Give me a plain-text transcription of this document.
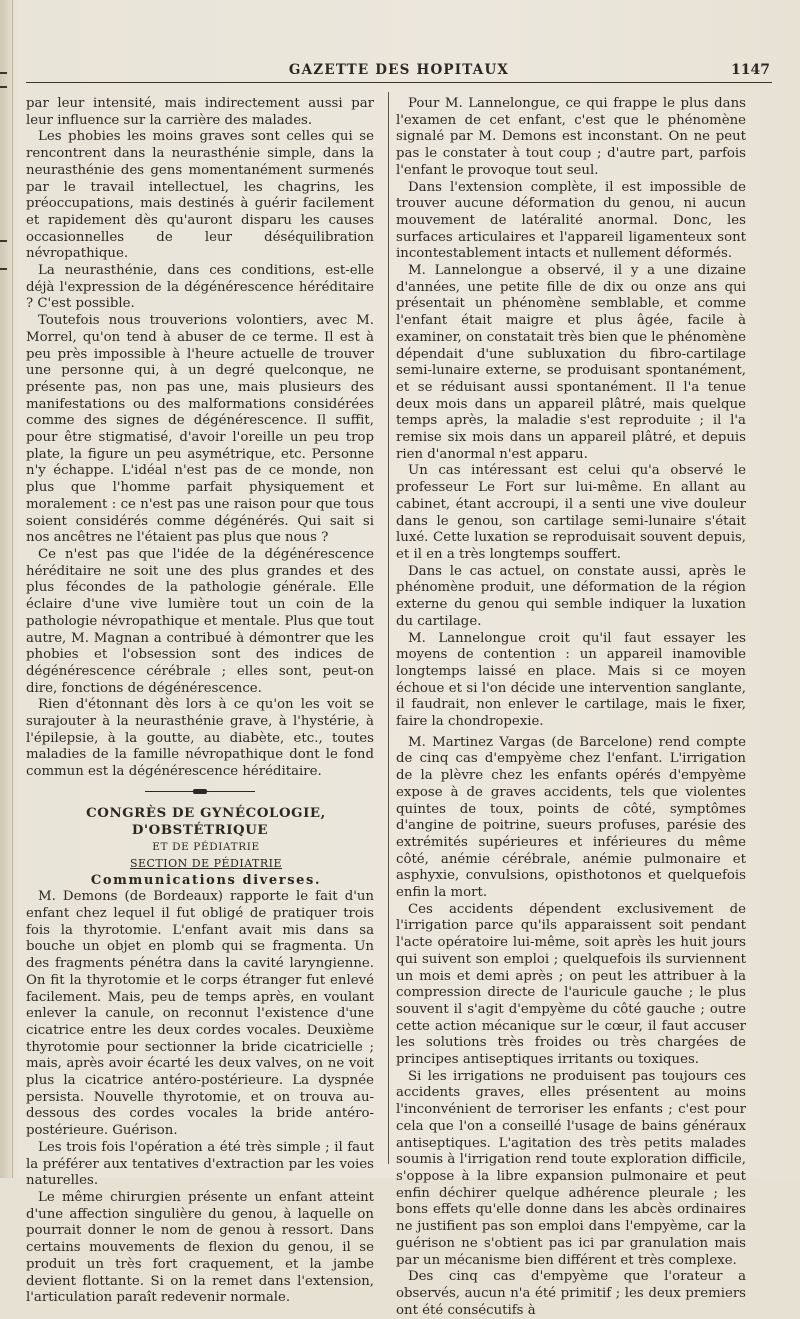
GAZETTE DES HOPITAUX	1147

par leur intensité, mais indirectement aussi par leur influence sur la carrière des malades.

Les phobies les moins graves sont celles qui se rencontrent dans la neurasthénie simple, dans la neurasthénie des gens momentanément surmenés par le travail intellectuel, les chagrins, les préoccupations, mais destinés à guérir facilement et rapidement dès qu'auront disparu les causes occasionnelles de leur déséquilibration névropathique.

La neurasthénie, dans ces conditions, est-elle déjà l'expression de la dégénérescence héréditaire ? C'est possible.

Toutefois nous trouverions volontiers, avec M. Morrel, qu'on tend à abuser de ce terme. Il est à peu près impossible à l'heure actuelle de trouver une personne qui, à un degré quelconque, ne présente pas, non pas une, mais plusieurs des manifestations ou des malformations considérées comme des signes de dégénérescence. Il suffit, pour être stigmatisé, d'avoir l'oreille un peu trop plate, la figure un peu asymétrique, etc. Personne n'y échappe. L'idéal n'est pas de ce monde, non plus que l'homme parfait physiquement et moralement : ce n'est pas une raison pour que tous soient considérés comme dégénérés. Qui sait si nos ancêtres ne l'étaient pas plus que nous ?

Ce n'est pas que l'idée de la dégénérescence héréditaire ne soit une des plus grandes et des plus fécondes de la pathologie générale. Elle éclaire d'une vive lumière tout un coin de la pathologie névropathique et mentale. Plus que tout autre, M. Magnan a contribué à démontrer que les phobies et l'obsession sont des indices de dégénérescence cérébrale ; elles sont, peut-on dire, fonctions de dégénérescence.

Rien d'étonnant dès lors à ce qu'on les voit se surajouter à la neurasthénie grave, à l'hystérie, à l'épilepsie, à la goutte, au diabète, etc., toutes maladies de la famille névropathique dont le fond commun est la dégénérescence héréditaire.

CONGRÈS DE GYNÉCOLOGIE, D'OBSTÉTRIQUE

ET DE PÉDIATRIE

SECTION DE PÉDIATRIE

Communications diverses.

M. Demons (de Bordeaux) rapporte le fait d'un enfant chez lequel il fut obligé de pratiquer trois fois la thyrotomie. L'enfant avait mis dans sa bouche un objet en plomb qui se fragmenta. Un des fragments pénétra dans la cavité laryngienne. On fit la thyrotomie et le corps étranger fut enlevé facilement. Mais, peu de temps après, en voulant enlever la canule, on reconnut l'existence d'une cicatrice entre les deux cordes vocales. Deuxième thyrotomie pour sectionner la bride cicatricielle ; mais, après avoir écarté les deux valves, on ne voit plus la cicatrice antéro-postérieure. La dyspnée persista. Nouvelle thyrotomie, et on trouva au-dessous des cordes vocales la bride antéro-postérieure. Guérison.

Les trois fois l'opération a été très simple ; il faut la préférer aux tentatives d'extraction par les voies naturelles.

Le même chirurgien présente un enfant atteint d'une affection singulière du genou, à laquelle on pourrait donner le nom de genou à ressort. Dans certains mouvements de flexion du genou, il se produit un très fort craquement, et la jambe devient flottante. Si on la remet dans l'extension, l'articulation paraît redevenir normale.

Pour M. Lannelongue, ce qui frappe le plus dans l'examen de cet enfant, c'est que le phénomène signalé par M. Demons est inconstant. On ne peut pas le constater à tout coup ; d'autre part, parfois l'enfant le provoque tout seul.

Dans l'extension complète, il est impossible de trouver aucune déformation du genou, ni aucun mouvement de latéralité anormal. Donc, les surfaces articulaires et l'appareil ligamenteux sont incontestablement intacts et nullement déformés.

M. Lannelongue a observé, il y a une dizaine d'années, une petite fille de dix ou onze ans qui présentait un phénomène semblable, et comme l'enfant était maigre et plus âgée, facile à examiner, on constatait très bien que le phénomène dépendait d'une subluxation du fibro-cartilage semi-lunaire externe, se produisant spontanément, et se réduisant aussi spontanément. Il l'a tenue deux mois dans un appareil plâtré, mais quelque temps après, la maladie s'est reproduite ; il l'a remise six mois dans un appareil plâtré, et depuis rien d'anormal n'est apparu.

Un cas intéressant est celui qu'a observé le professeur Le Fort sur lui-même. En allant au cabinet, étant accroupi, il a senti une vive douleur dans le genou, son cartilage semi-lunaire s'était luxé. Cette luxation se reproduisait souvent depuis, et il en a très longtemps souffert.

Dans le cas actuel, on constate aussi, après le phénomène produit, une déformation de la région externe du genou qui semble indiquer la luxation du cartilage.

M. Lannelongue croit qu'il faut essayer les moyens de contention : un appareil inamovible longtemps laissé en place. Mais si ce moyen échoue et si l'on décide une intervention sanglante, il faudrait, non enlever le cartilage, mais le fixer, faire la chondropexie.

M. Martinez Vargas (de Barcelone) rend compte de cinq cas d'empyème chez l'enfant. L'irrigation de la plèvre chez les enfants opérés d'empyème expose à de graves accidents, tels que violentes quintes de toux, points de côté, symptômes d'angine de poitrine, sueurs profuses, parésie des extrémités supérieures et inférieures du même côté, anémie cérébrale, anémie pulmonaire et asphyxie, convulsions, opisthotonos et quelquefois enfin la mort.

Ces accidents dépendent exclusivement de l'irrigation parce qu'ils apparaissent soit pendant l'acte opératoire lui-même, soit après les huit jours qui suivent son emploi ; quelquefois ils surviennent un mois et demi après ; on peut les attribuer à la compression directe de l'auricule gauche ; le plus souvent il s'agit d'empyème du côté gauche ; outre cette action mécanique sur le cœur, il faut accuser les solutions très froides ou très chargées de principes antiseptiques irritants ou toxiques.

Si les irrigations ne produisent pas toujours ces accidents graves, elles présentent au moins l'inconvénient de terroriser les enfants ; c'est pour cela que l'on a conseillé l'usage de bains généraux antiseptiques. L'agitation des très petits malades soumis à l'irrigation rend toute exploration difficile, s'oppose à la libre expansion pulmonaire et peut enfin déchirer quelque adhérence pleurale ; les bons effets qu'elle donne dans les abcès ordinaires ne justifient pas son emploi dans l'empyème, car la guérison ne s'obtient pas ici par granulation mais par un mécanisme bien différent et très complexe.

Des cinq cas d'empyème que l'orateur a observés, aucun n'a été primitif ; les deux premiers ont été consécutifs à
